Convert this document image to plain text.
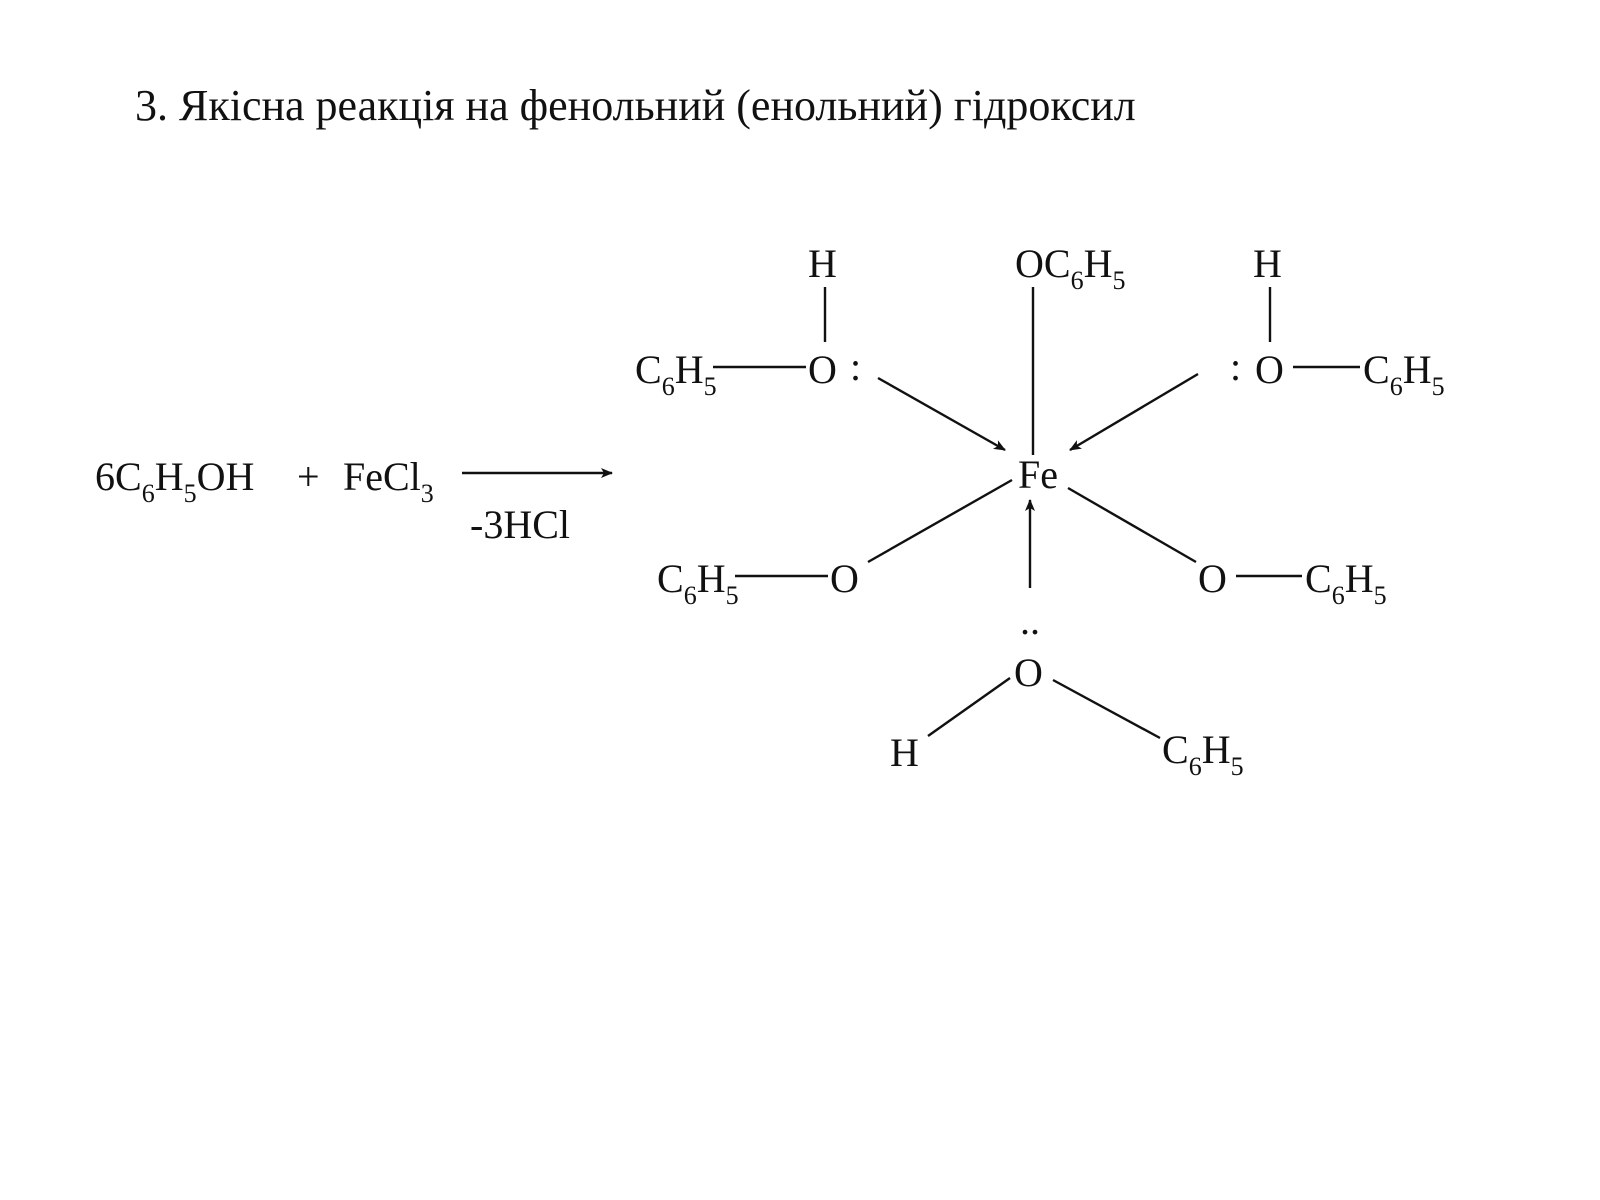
3. Якісна реакція на фенольний (енольний) гідроксил
$6C_6H_5OH$ + FeCl$_3$
-3HCl
Fe
$OC_6H_5$
H
$C_6H_5$ O :
H
: O $C_6H_5$
$C_6H_5$ O	O $C_6H_5$
..
O
H	$C_6H_5$
